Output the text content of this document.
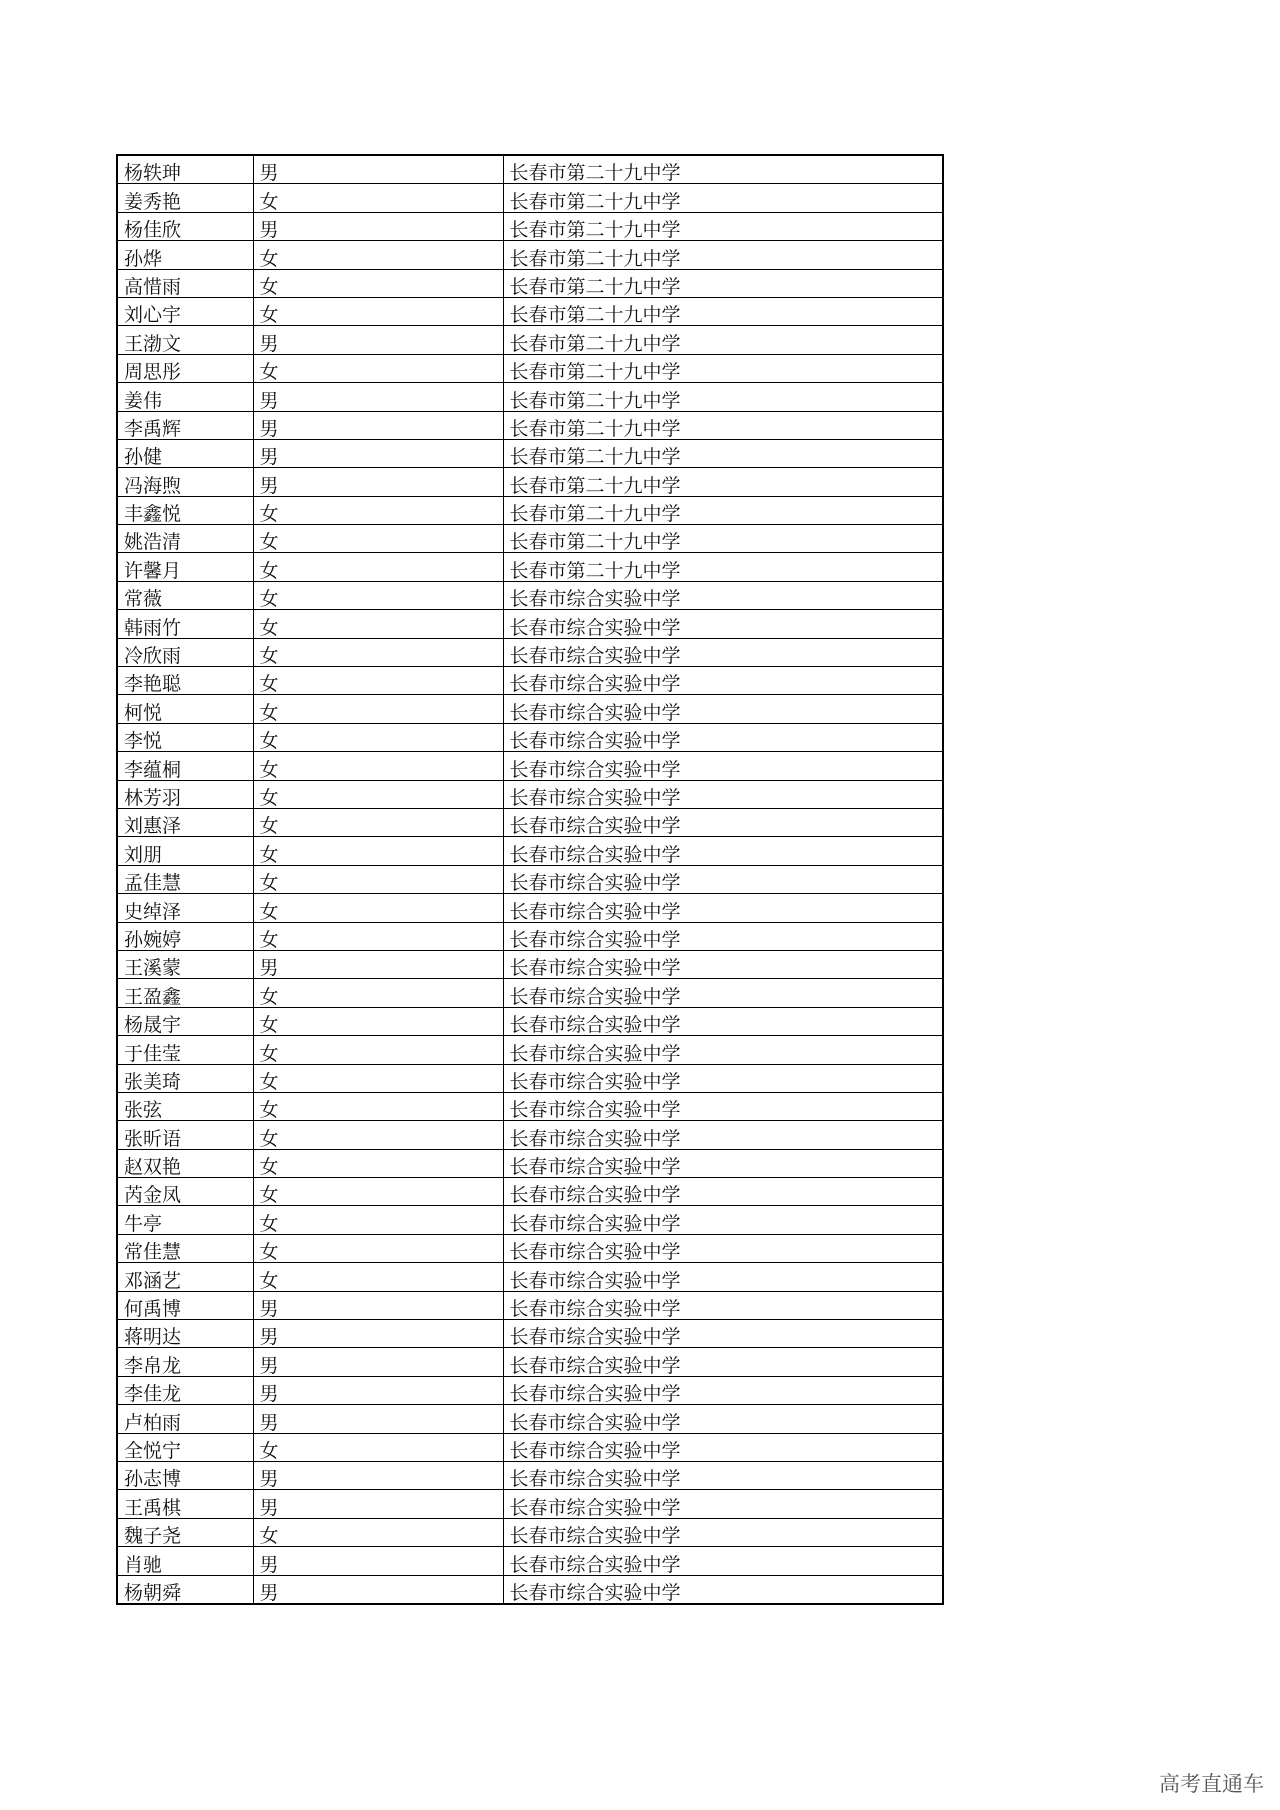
杨轶珅	男	长春市第二十九中学
姜秀艳	女	长春市第二十九中学
杨佳欣	男	长春市第二十九中学
孙烨	女	长春市第二十九中学
高惜雨	女	长春市第二十九中学
刘心宇	女	长春市第二十九中学
王渤文	男	长春市第二十九中学
周思彤	女	长春市第二十九中学
姜伟	男	长春市第二十九中学
李禹辉	男	长春市第二十九中学
孙健	男	长春市第二十九中学
冯海煦	男	长春市第二十九中学
丰鑫悦	女	长春市第二十九中学
姚浩清	女	长春市第二十九中学
许馨月	女	长春市第二十九中学
常薇	女	长春市综合实验中学
韩雨竹	女	长春市综合实验中学
冷欣雨	女	长春市综合实验中学
李艳聪	女	长春市综合实验中学
柯悦	女	长春市综合实验中学
李悦	女	长春市综合实验中学
李蕴桐	女	长春市综合实验中学
林芳羽	女	长春市综合实验中学
刘惠泽	女	长春市综合实验中学
刘朋	女	长春市综合实验中学
孟佳慧	女	长春市综合实验中学
史绰泽	女	长春市综合实验中学
孙婉婷	女	长春市综合实验中学
王溪蒙	男	长春市综合实验中学
王盈鑫	女	长春市综合实验中学
杨晟宇	女	长春市综合实验中学
于佳莹	女	长春市综合实验中学
张美琦	女	长春市综合实验中学
张弦	女	长春市综合实验中学
张昕语	女	长春市综合实验中学
赵双艳	女	长春市综合实验中学
芮金凤	女	长春市综合实验中学
牛亭	女	长春市综合实验中学
常佳慧	女	长春市综合实验中学
邓涵艺	女	长春市综合实验中学
何禹博	男	长春市综合实验中学
蒋明达	男	长春市综合实验中学
李帛龙	男	长春市综合实验中学
李佳龙	男	长春市综合实验中学
卢柏雨	男	长春市综合实验中学
全悦宁	女	长春市综合实验中学
孙志博	男	长春市综合实验中学
王禹棋	男	长春市综合实验中学
魏子尧	女	长春市综合实验中学
肖驰	男	长春市综合实验中学
杨朝舜	男	长春市综合实验中学
高考直通车
